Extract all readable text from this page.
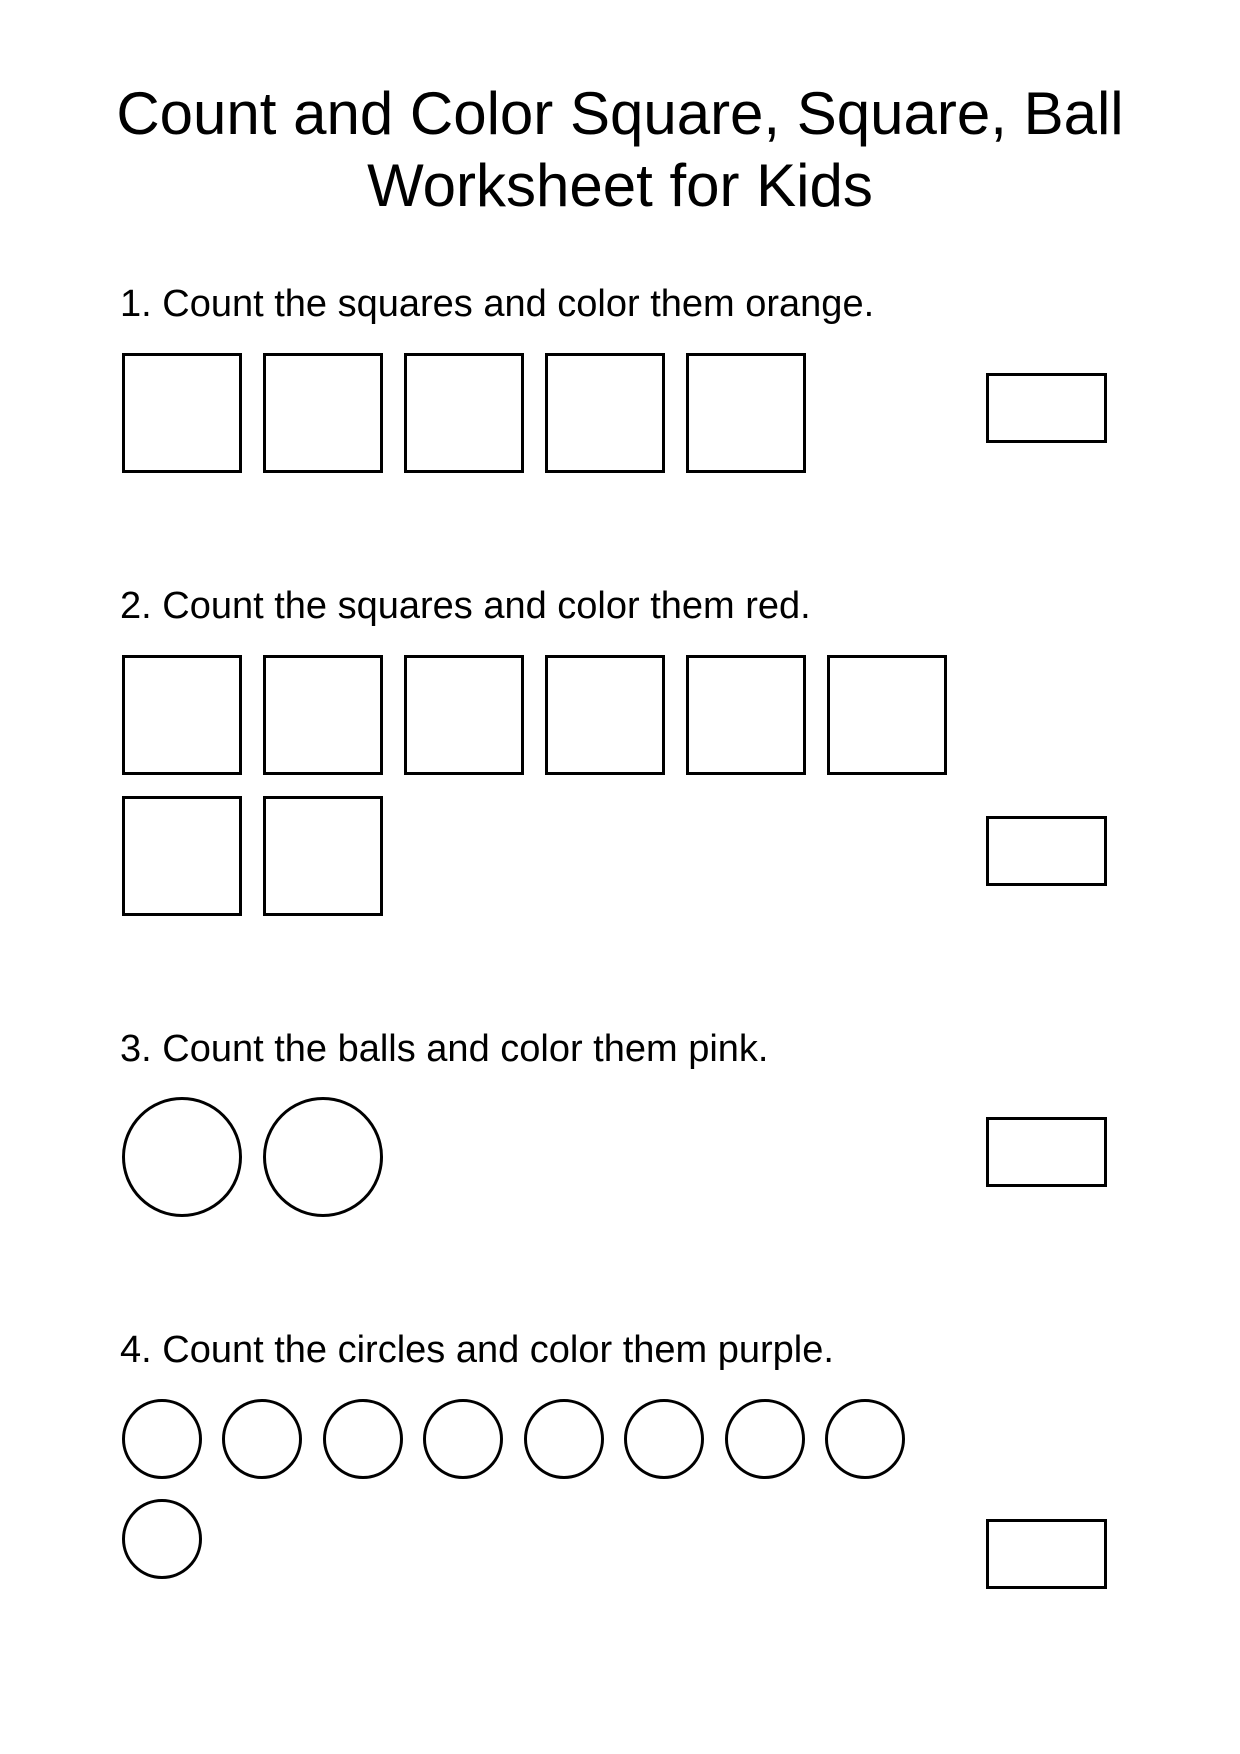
Count and Color Square, Square, Ball
Worksheet for Kids

1. Count the squares and color them orange.

2. Count the squares and color them red.

3. Count the balls and color them pink.

4. Count the circles and color them purple.
